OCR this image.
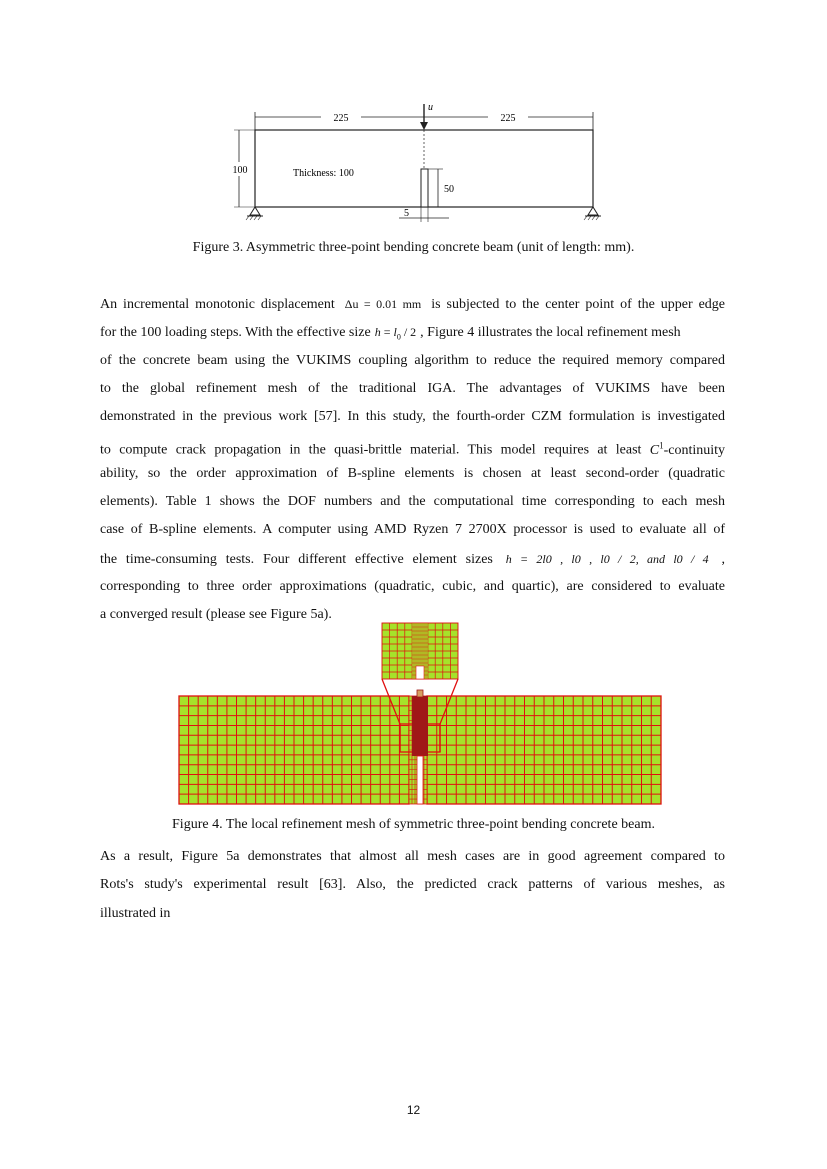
225	225
u
100	Thickness: 100
50
5
Figure 3. Asymmetric three-point bending concrete beam (unit of length: mm).
An incremental monotonic displacement Δu = 0.01 mm is subjected to the center point of the upper edge
for the 100 loading steps. With the effective size $h = l_0 / 2$ , Figure 4 illustrates the local refinement mesh
of the concrete beam using the VUKIMS coupling algorithm to reduce the required memory compared
to the global refinement mesh of the traditional IGA. The advantages of VUKIMS have been
demonstrated in the previous work [57]. In this study, the fourth-order CZM formulation is investigated
to compute crack propagation in the quasi-brittle material. This model requires at least $C^1$-continuity
ability, so the order approximation of B-spline elements is chosen at least second-order (quadratic
elements). Table 1 shows the DOF numbers and the computational time corresponding to each mesh
case of B-spline elements. A computer using AMD Ryzen 7 2700X processor is used to evaluate all of
the time-consuming tests. Four different effective element sizes h = 2l0 , l0 , l0 / 2, and l0 / 4 ,
corresponding to three order approximations (quadratic, cubic, and quartic), are considered to evaluate
a converged result (please see Figure 5a).
Figure 4. The local refinement mesh of symmetric three-point bending concrete beam.
As a result, Figure 5a demonstrates that almost all mesh cases are in good agreement compared to
Rots's study's experimental result [63]. Also, the predicted crack patterns of various meshes, as
illustrated in
12
